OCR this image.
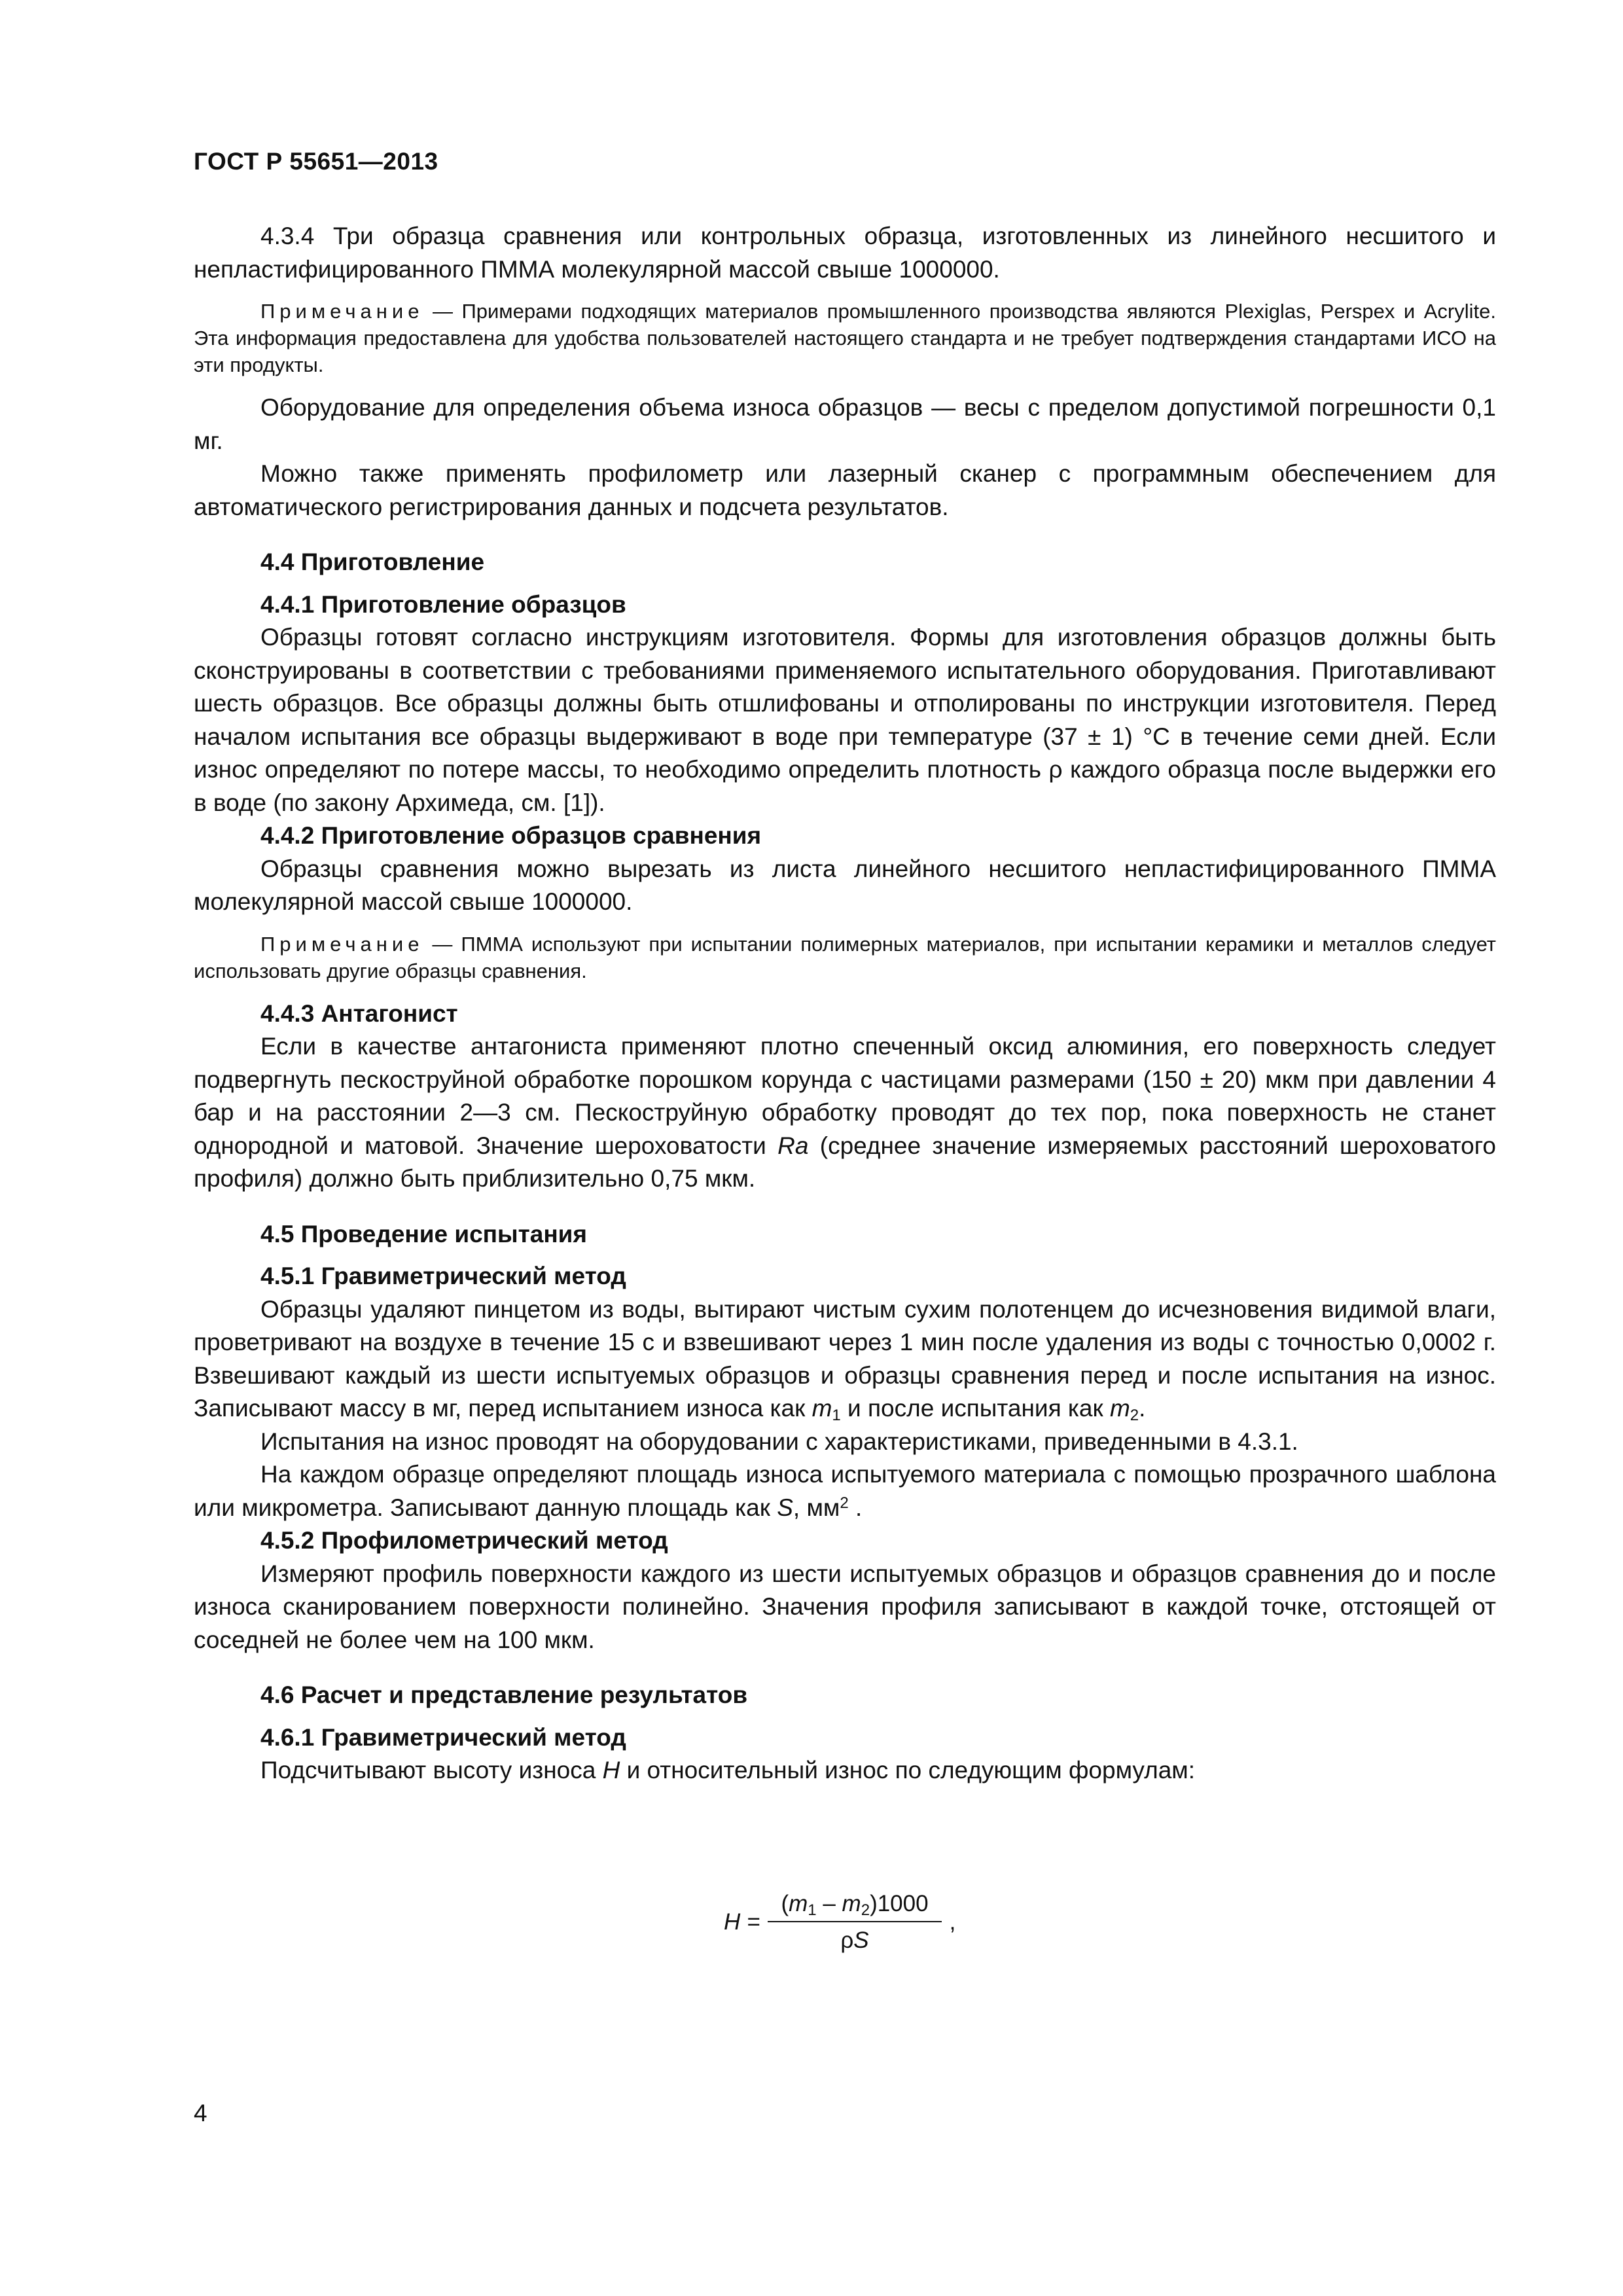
ГОСТ Р 55651—2013

4.3.4 Три образца сравнения или контрольных образца, изготовленных из линейного несшитого и непластифицированного ПММА молекулярной массой свыше 1000000.

Примечание — Примерами подходящих материалов промышленного производства являются Plexiglas, Perspex и Acrylite. Эта информация предоставлена для удобства пользователей настоящего стандарта и не требует подтверждения стандартами ИСО на эти продукты.

Оборудование для определения объема износа образцов — весы с пределом допустимой погрешности 0,1 мг.

Можно также применять профилометр или лазерный сканер с программным обеспечением для автоматического регистрирования данных и подсчета результатов.

4.4 Приготовление

4.4.1 Приготовление образцов

Образцы готовят согласно инструкциям изготовителя. Формы для изготовления образцов должны быть сконструированы в соответствии с требованиями применяемого испытательного оборудования. Приготавливают шесть образцов. Все образцы должны быть отшлифованы и отполированы по инструкции изготовителя. Перед началом испытания все образцы выдерживают в воде при температуре (37 ± 1) °С в течение семи дней. Если износ определяют по потере массы, то необходимо определить плотность ρ каждого образца после выдержки его в воде (по закону Архимеда, см. [1]).

4.4.2 Приготовление образцов сравнения

Образцы сравнения можно вырезать из листа линейного несшитого непластифицированного ПММА молекулярной массой свыше 1000000.

Примечание — ПММА используют при испытании полимерных материалов, при испытании керамики и металлов следует использовать другие образцы сравнения.

4.4.3 Антагонист

Если в качестве антагониста применяют плотно спеченный оксид алюминия, его поверхность следует подвергнуть пескоструйной обработке порошком корунда с частицами размерами (150 ± 20) мкм при давлении 4 бар и на расстоянии 2—3 см. Пескоструйную обработку проводят до тех пор, пока поверхность не станет однородной и матовой. Значение шероховатости Ra (среднее значение измеряемых расстояний шероховатого профиля) должно быть приблизительно 0,75 мкм.

4.5 Проведение испытания

4.5.1 Гравиметрический метод

Образцы удаляют пинцетом из воды, вытирают чистым сухим полотенцем до исчезновения видимой влаги, проветривают на воздухе в течение 15 с и взвешивают через 1 мин после удаления из воды с точностью 0,0002 г. Взвешивают каждый из шести испытуемых образцов и образцы сравнения перед и после испытания на износ. Записывают массу в мг, перед испытанием износа как $m_1$ и после испытания как $m_2$.

Испытания на износ проводят на оборудовании с характеристиками, приведенными в 4.3.1.

На каждом образце определяют площадь износа испытуемого материала с помощью прозрачного шаблона или микрометра. Записывают данную площадь как S, $мм^2$ .

4.5.2 Профилометрический метод

Измеряют профиль поверхности каждого из шести испытуемых образцов и образцов сравнения до и после износа сканированием поверхности полинейно. Значения профиля записывают в каждой точке, отстоящей от соседней не более чем на 100 мкм.

4.6 Расчет и представление результатов

4.6.1 Гравиметрический метод

Подсчитывают высоту износа H и относительный износ по следующим формулам:

$H = \frac{(m_1 - m_2)1000}{\rho S}$ ,
4
